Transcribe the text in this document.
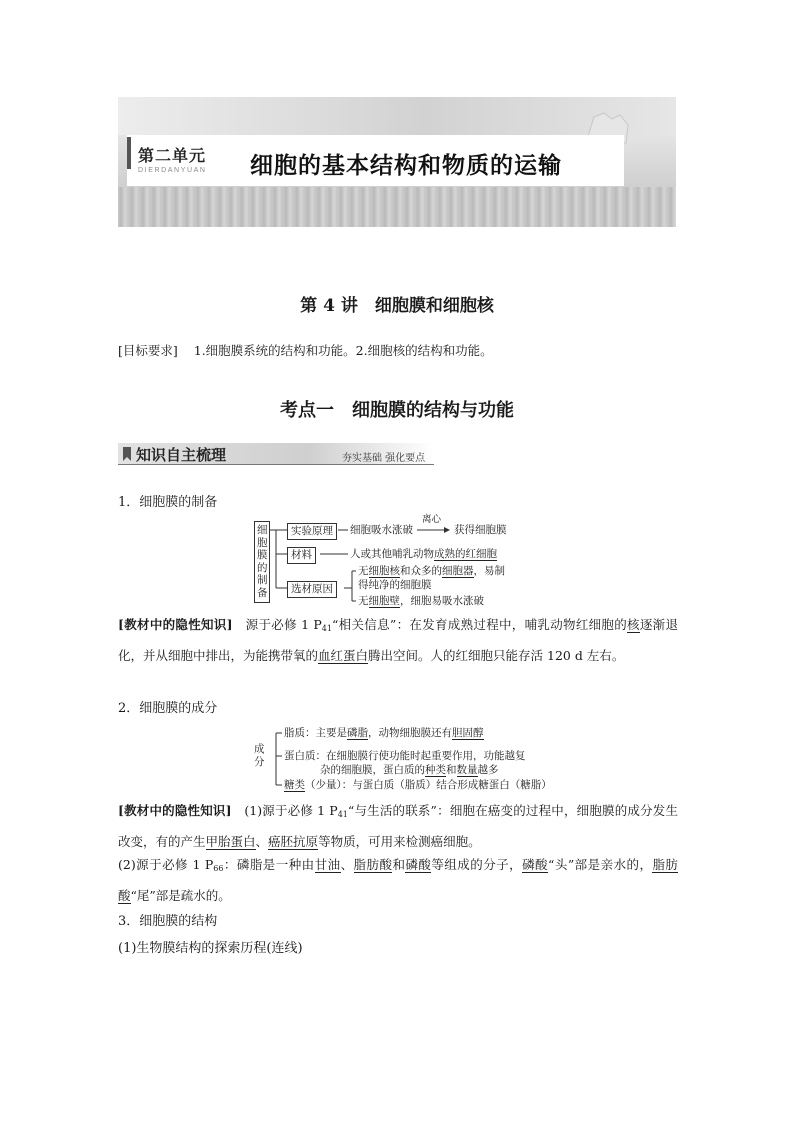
第二单元
DIERDANYUAN 细胞的基本结构和物质的运输
第 4 讲　细胞膜和细胞核
[目标要求] 1.细胞膜系统的结构和功能。2.细胞核的结构和功能。
考点一　细胞膜的结构与功能
知识自主梳理	夯实基础 强化要点
1．细胞膜的制备
细胞膜的制备
实验原理	细胞吸水涨破
离心
获得细胞膜
材料	人或其他哺乳动物成熟的红细胞
选材原因
无细胞核和众多的细胞器，易制
得纯净的细胞膜
无细胞壁，细胞易吸水涨破
[教材中的隐性知识]　源于必修 1 $P_{41}“$相关信息”：在发育成熟过程中，哺乳动物红细胞的核逐渐退化，并从细胞中排出，为能携带氧的血红蛋白腾出空间。人的红细胞只能存活 120 d 左右。
2．细胞膜的成分
成分
脂质：主要是磷脂，动物细胞膜还有胆固醇
蛋白质：在细胞膜行使功能时起重要作用，功能越复
杂的细胞膜，蛋白质的种类和数量越多
糖类（少量）：与蛋白质（脂质）结合形成糖蛋白（糖脂）
[教材中的隐性知识]　(1)源于必修 1 $P_{41}“$与生活的联系”：细胞在癌变的过程中，细胞膜的成分发生改变，有的产生甲胎蛋白、癌胚抗原等物质，可用来检测癌细胞。
(2)源于必修 1 $P_{66}$：磷脂是一种由甘油、脂肪酸和磷酸等组成的分子，磷酸“头”部是亲水的，脂肪酸“尾”部是疏水的。
3．细胞膜的结构
(1)生物膜结构的探索历程(连线)
